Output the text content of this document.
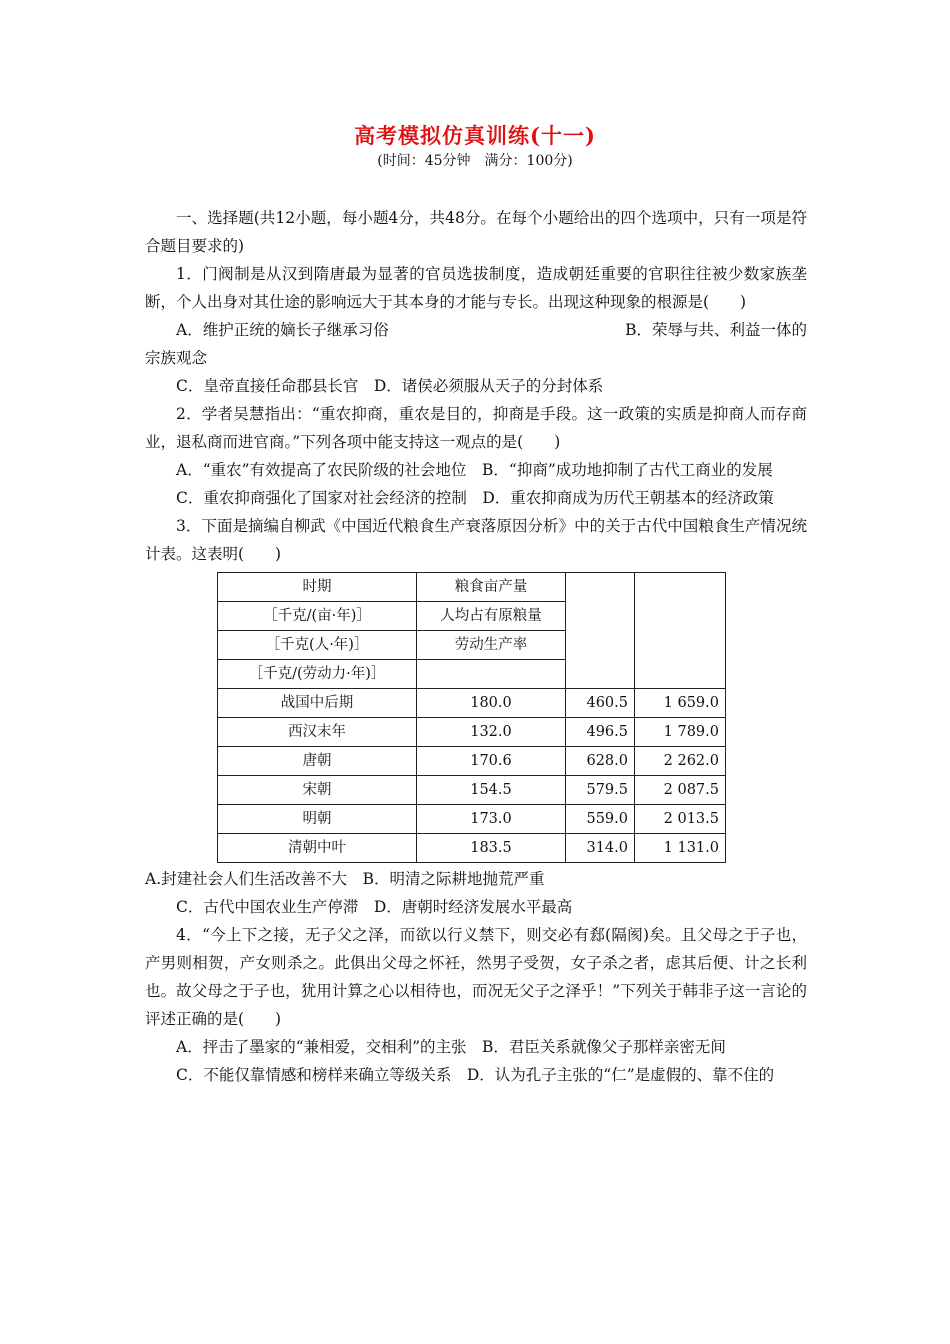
高考模拟仿真训练(十一)
(时间：45分钟　满分：100分)

一、选择题(共12小题，每小题4分，共48分。在每个小题给出的四个选项中，只有一项是符合题目要求的)

1．门阀制是从汉到隋唐最为显著的官员选拔制度，造成朝廷重要的官职往往被少数家族垄断，个人出身对其仕途的影响远大于其本身的才能与专长。出现这种现象的根源是(　　)

A．维护正统的嫡长子继承习俗	B．荣辱与共、利益一体的

宗族观念

C．皇帝直接任命郡县长官　D．诸侯必须服从天子的分封体系

2．学者吴慧指出：“重农抑商，重农是目的，抑商是手段。这一政策的实质是抑商人而存商业，退私商而进官商。”下列各项中能支持这一观点的是(　　)

A．“重农”有效提高了农民阶级的社会地位　B．“抑商”成功地抑制了古代工商业的发展

C．重农抑商强化了国家对社会经济的控制　D．重农抑商成为历代王朝基本的经济政策

3．下面是摘编自柳武《中国近代粮食生产衰落原因分析》中的关于古代中国粮食生产情况统计表。这表明(　　)

时期	粮食亩产量		
［千克/(亩·年)］	人均占有原粮量		
［千克(人·年)］	劳动生产率		
［千克/(劳动力·年)］			
战国中后期	180.0	460.5	1 659.0
西汉末年	132.0	496.5	1 789.0
唐朝	170.6	628.0	2 262.0
宋朝	154.5	579.5	2 087.5
明朝	173.0	559.0	2 013.5
清朝中叶	183.5	314.0	1 131.0

A.封建社会人们生活改善不大　B．明清之际耕地抛荒严重

C．古代中国农业生产停滞　D．唐朝时经济发展水平最高

4．“今上下之接，无子父之泽，而欲以行义禁下，则交必有郄(隔阂)矣。且父母之于子也，产男则相贺，产女则杀之。此俱出父母之怀衽，然男子受贺，女子杀之者，虑其后便、计之长利也。故父母之于子也，犹用计算之心以相待也，而况无父子之泽乎！”下列关于韩非子这一言论的评述正确的是(　　)

A．抨击了墨家的“兼相爱，交相利”的主张　B．君臣关系就像父子那样亲密无间

C．不能仅靠情感和榜样来确立等级关系　D．认为孔子主张的“仁”是虚假的、靠不住的
